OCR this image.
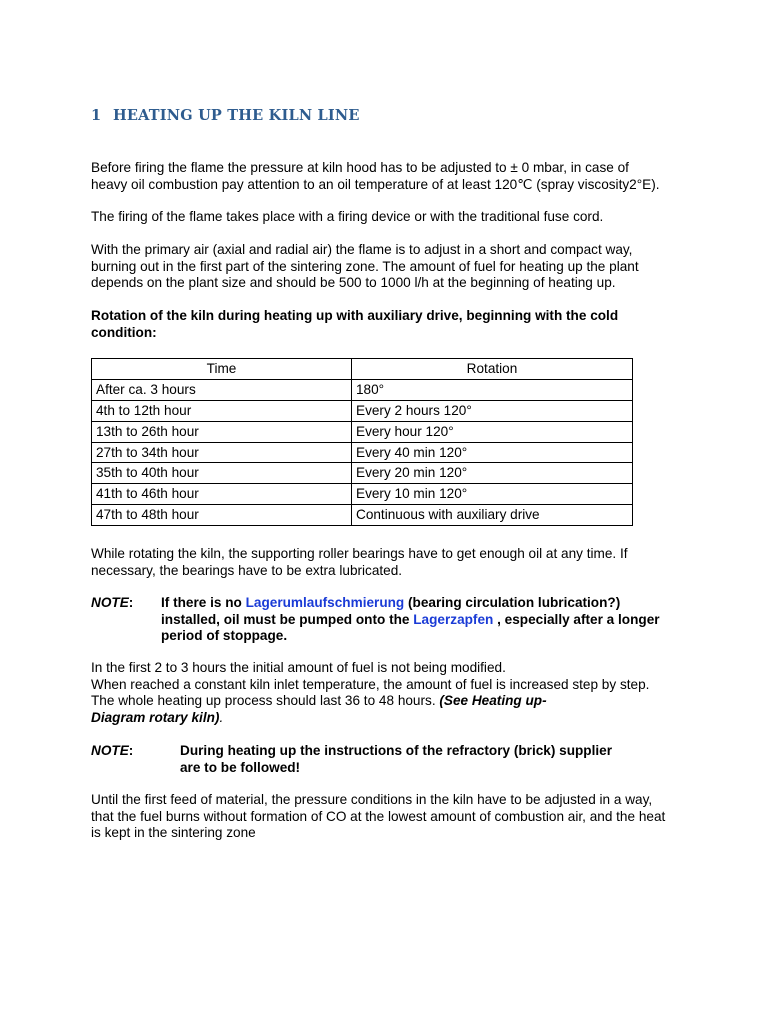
1 HEATING UP THE KILN LINE
Before firing the flame the pressure at kiln hood has to be adjusted to ± 0 mbar, in case of
heavy oil combustion pay attention to an oil temperature of at least 120℃ (spray viscosity2°E).
The firing of the flame takes place with a firing device or with the traditional fuse cord.
With the primary air (axial and radial air) the flame is to adjust in a short and compact way,
burning out in the first part of the sintering zone. The amount of fuel for heating up the plant
depends on the plant size and should be 500 to 1000 l/h at the beginning of heating up.
Rotation of the kiln during heating up with auxiliary drive, beginning with the cold
condition:
Time	Rotation
After ca. 3 hours	180°
4th to 12th hour	Every 2 hours 120°
13th to 26th hour	Every hour 120°
27th to 34th hour	Every 40 min 120°
35th to 40th hour	Every 20 min 120°
41th to 46th hour	Every 10 min 120°
47th to 48th hour	Continuous with auxiliary drive
While rotating the kiln, the supporting roller bearings have to get enough oil at any time. If
necessary, the bearings have to be extra lubricated.
NOTE: If there is no Lagerumlaufschmierung (bearing circulation lubrication?)
installed, oil must be pumped onto the Lagerzapfen , especially after a longer
period of stoppage.
In the first 2 to 3 hours the initial amount of fuel is not being modified.
When reached a constant kiln inlet temperature, the amount of fuel is increased step by step.
The whole heating up process should last 36 to 48 hours. (See Heating up-
Diagram rotary kiln).
NOTE:	During heating up the instructions of the refractory (brick) supplier
are to be followed!
Until the first feed of material, the pressure conditions in the kiln have to be adjusted in a way,
that the fuel burns without formation of CO at the lowest amount of combustion air, and the heat
is kept in the sintering zone
